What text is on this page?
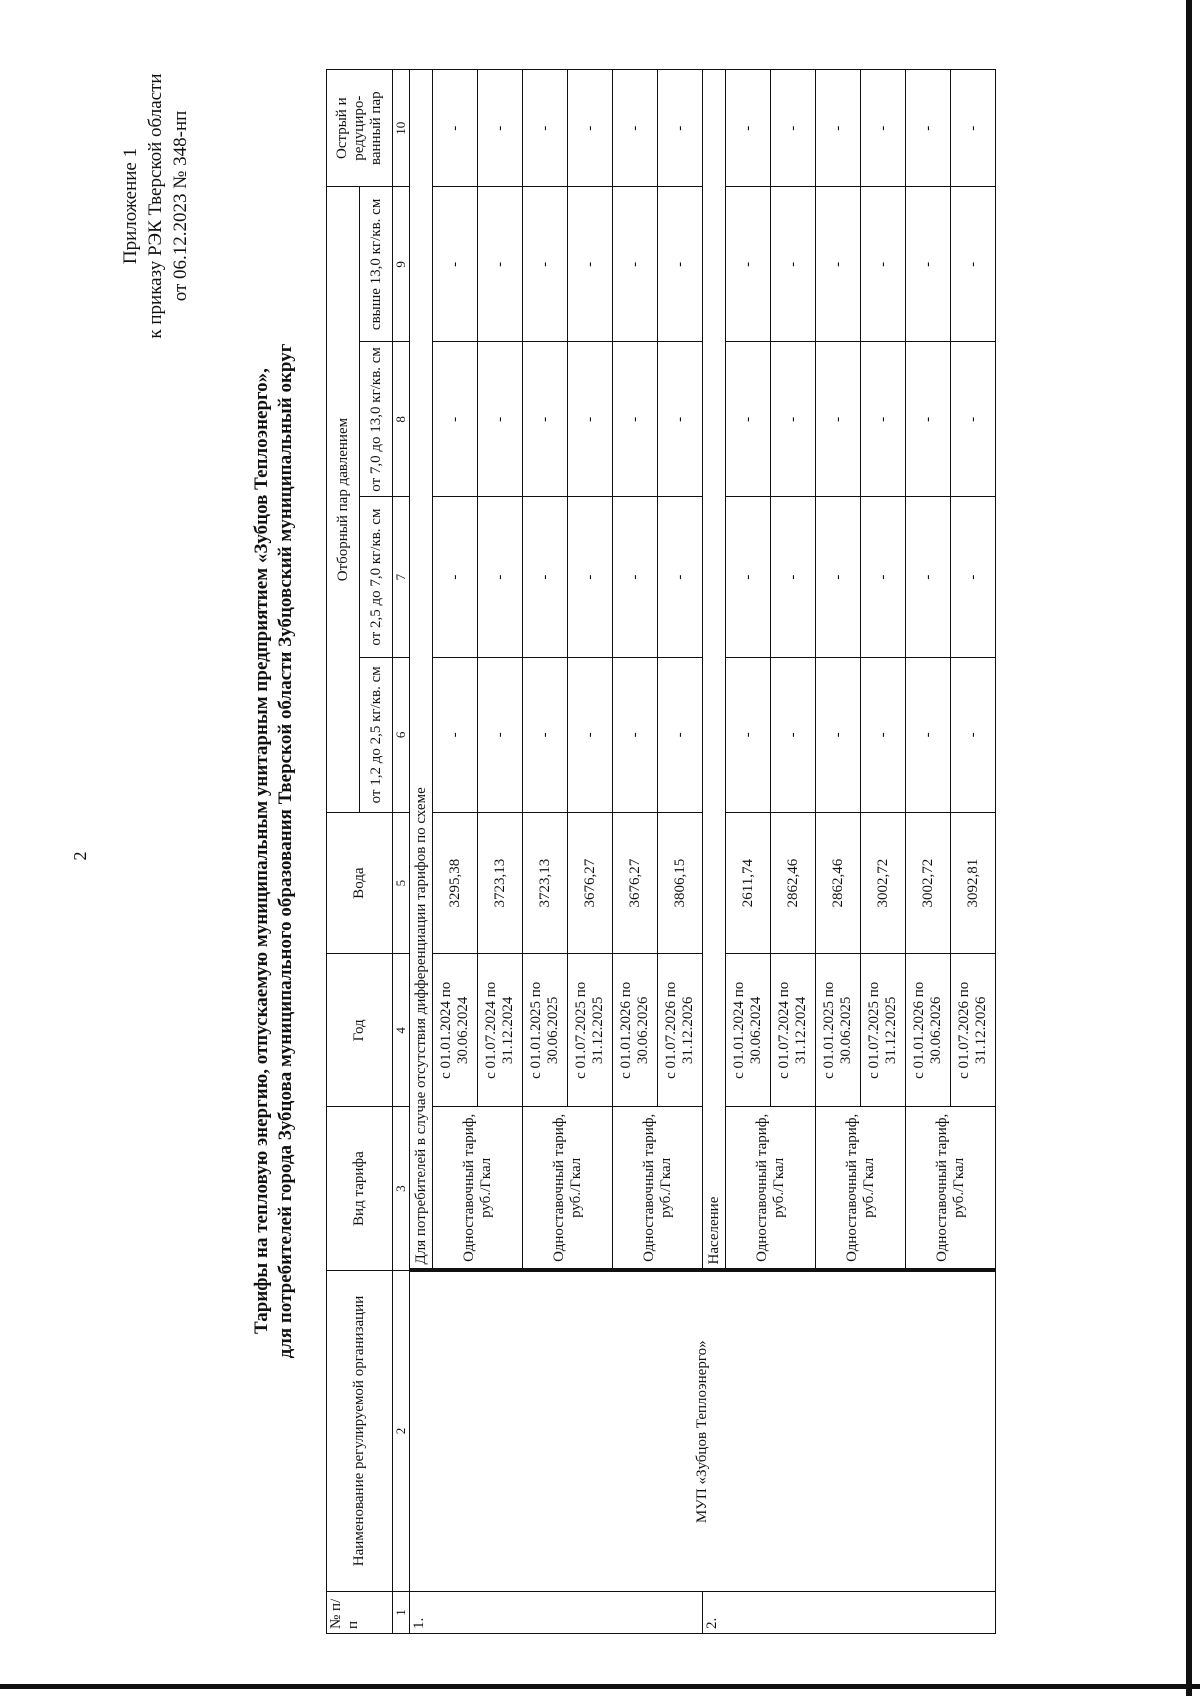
2
Приложение 1 к приказу РЭК Тверской области от 06.12.2023 № 348-нп
Тарифы на тепловую энергию, отпускаемую муниципальным унитарным предприятием «Зубцов Теплоэнерго», для потребителей города Зубцова муниципального образования Тверской области Зубцовский муниципальный округ
№ п/п	Наименование регулируемой организации	Вид тарифа	Год	Вода	Отборный пар давлением				Острый и редуциро-ванный пар
					от 1,2 до 2,5 кг/кв. см	от 2,5 до 7,0 кг/кв. см	от 7,0 до 13,0 кг/кв. см	свыше 13,0 кг/кв. см	
1	2	3	4	5	6	7	8	9	10
1.	МУП «Зубцов Теплоэнерго»	Для потребителей в случае отсутствия дифференциации тарифов по схеме							
		Одноставочный тариф, руб./Гкал	с 01.01.2024 по 30.06.2024	3295,38	-	-	-	-	-
			с 01.07.2024 по 31.12.2024	3723,13	-	-	-	-	-
		Одноставочный тариф, руб./Гкал	с 01.01.2025 по 30.06.2025	3723,13	-	-	-	-	-
			с 01.07.2025 по 31.12.2025	3676,27	-	-	-	-	-
		Одноставочный тариф, руб./Гкал	с 01.01.2026 по 30.06.2026	3676,27	-	-	-	-	-
			с 01.07.2026 по 31.12.2026	3806,15	-	-	-	-	-
2.		Население							
		Одноставочный тариф, руб./Гкал	с 01.01.2024 по 30.06.2024	2611,74	-	-	-	-	-
			с 01.07.2024 по 31.12.2024	2862,46	-	-	-	-	-
		Одноставочный тариф, руб./Гкал	с 01.01.2025 по 30.06.2025	2862,46	-	-	-	-	-
			с 01.07.2025 по 31.12.2025	3002,72	-	-	-	-	-
		Одноставочный тариф, руб./Гкал	с 01.01.2026 по 30.06.2026	3002,72	-	-	-	-	-
			с 01.07.2026 по 31.12.2026	3092,81	-	-	-	-	-
